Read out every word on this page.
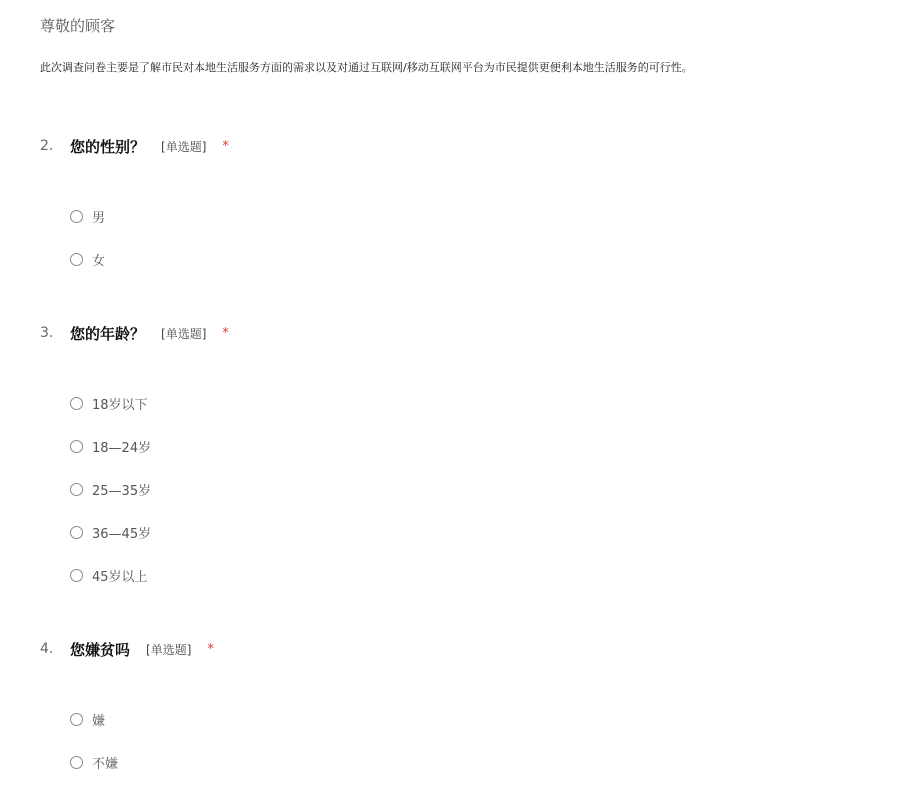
尊敬的顾客
此次调查问卷主要是了解市民对本地生活服务方面的需求以及对通过互联网/移动互联网平台为市民提供更便利本地生活服务的可行性。
2.	您的性别？ [单选题] *
男
女
3.	您的年龄？ [单选题] *
18岁以下
18—24岁
25—35岁
36—45岁
45岁以上
4.	您嫌贫吗 [单选题] *
嫌
不嫌
